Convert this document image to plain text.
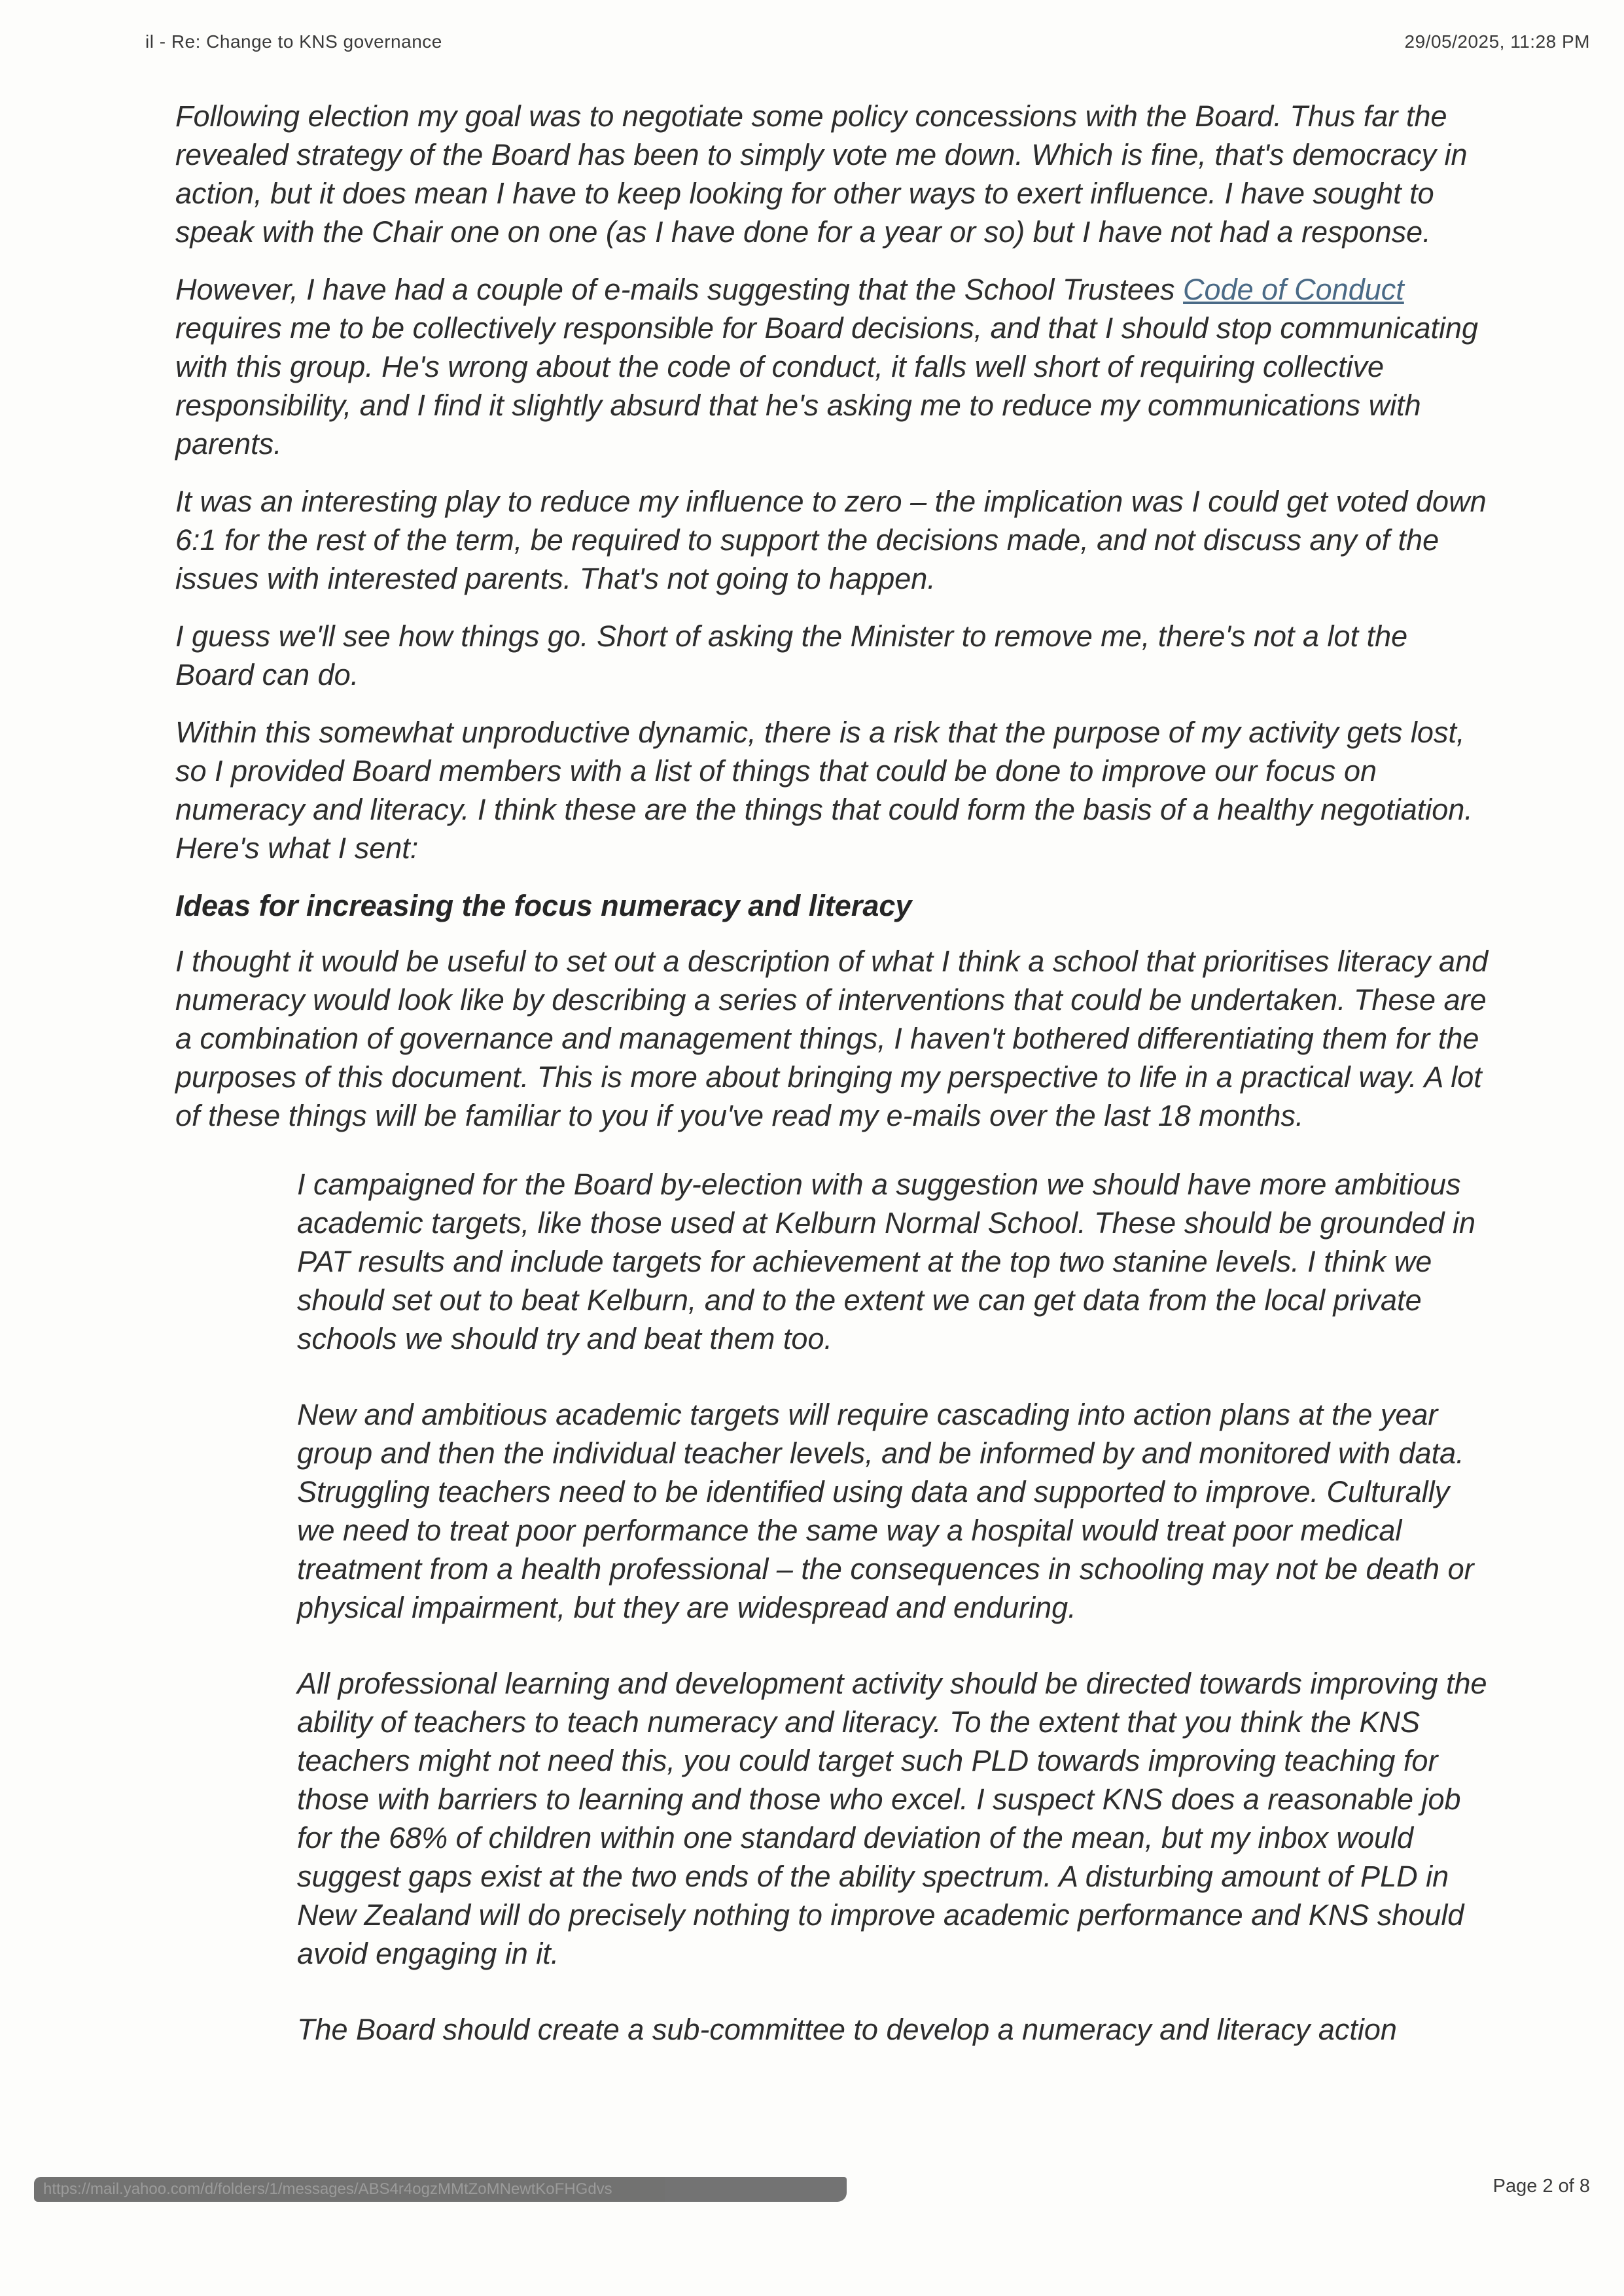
il - Re: Change to KNS governance	29/05/2025, 11:28 PM

Following election my goal was to negotiate some policy concessions with the Board. Thus far the revealed strategy of the Board has been to simply vote me down. Which is fine, that's democracy in action, but it does mean I have to keep looking for other ways to exert influence. I have sought to speak with the Chair one on one (as I have done for a year or so) but I have not had a response.

However, I have had a couple of e-mails suggesting that the School Trustees Code of Conduct requires me to be collectively responsible for Board decisions, and that I should stop communicating with this group. He's wrong about the code of conduct, it falls well short of requiring collective responsibility, and I find it slightly absurd that he's asking me to reduce my communications with parents.

It was an interesting play to reduce my influence to zero – the implication was I could get voted down 6:1 for the rest of the term, be required to support the decisions made, and not discuss any of the issues with interested parents. That's not going to happen.

I guess we'll see how things go. Short of asking the Minister to remove me, there's not a lot the Board can do.

Within this somewhat unproductive dynamic, there is a risk that the purpose of my activity gets lost, so I provided Board members with a list of things that could be done to improve our focus on numeracy and literacy. I think these are the things that could form the basis of a healthy negotiation. Here's what I sent:

Ideas for increasing the focus numeracy and literacy

I thought it would be useful to set out a description of what I think a school that prioritises literacy and numeracy would look like by describing a series of interventions that could be undertaken. These are a combination of governance and management things, I haven't bothered differentiating them for the purposes of this document. This is more about bringing my perspective to life in a practical way. A lot of these things will be familiar to you if you've read my e-mails over the last 18 months.

I campaigned for the Board by-election with a suggestion we should have more ambitious academic targets, like those used at Kelburn Normal School. These should be grounded in PAT results and include targets for achievement at the top two stanine levels. I think we should set out to beat Kelburn, and to the extent we can get data from the local private schools we should try and beat them too.

New and ambitious academic targets will require cascading into action plans at the year group and then the individual teacher levels, and be informed by and monitored with data. Struggling teachers need to be identified using data and supported to improve. Culturally we need to treat poor performance the same way a hospital would treat poor medical treatment from a health professional – the consequences in schooling may not be death or physical impairment, but they are widespread and enduring.

All professional learning and development activity should be directed towards improving the ability of teachers to teach numeracy and literacy. To the extent that you think the KNS teachers might not need this, you could target such PLD towards improving teaching for those with barriers to learning and those who excel. I suspect KNS does a reasonable job for the 68% of children within one standard deviation of the mean, but my inbox would suggest gaps exist at the two ends of the ability spectrum. A disturbing amount of PLD in New Zealand will do precisely nothing to improve academic performance and KNS should avoid engaging in it.

The Board should create a sub-committee to develop a numeracy and literacy action

https://mail.yahoo.com/d/folders/1/messages/ABS4r4ogzMMtZoMNewtKoFHGdvs	Page 2 of 8
